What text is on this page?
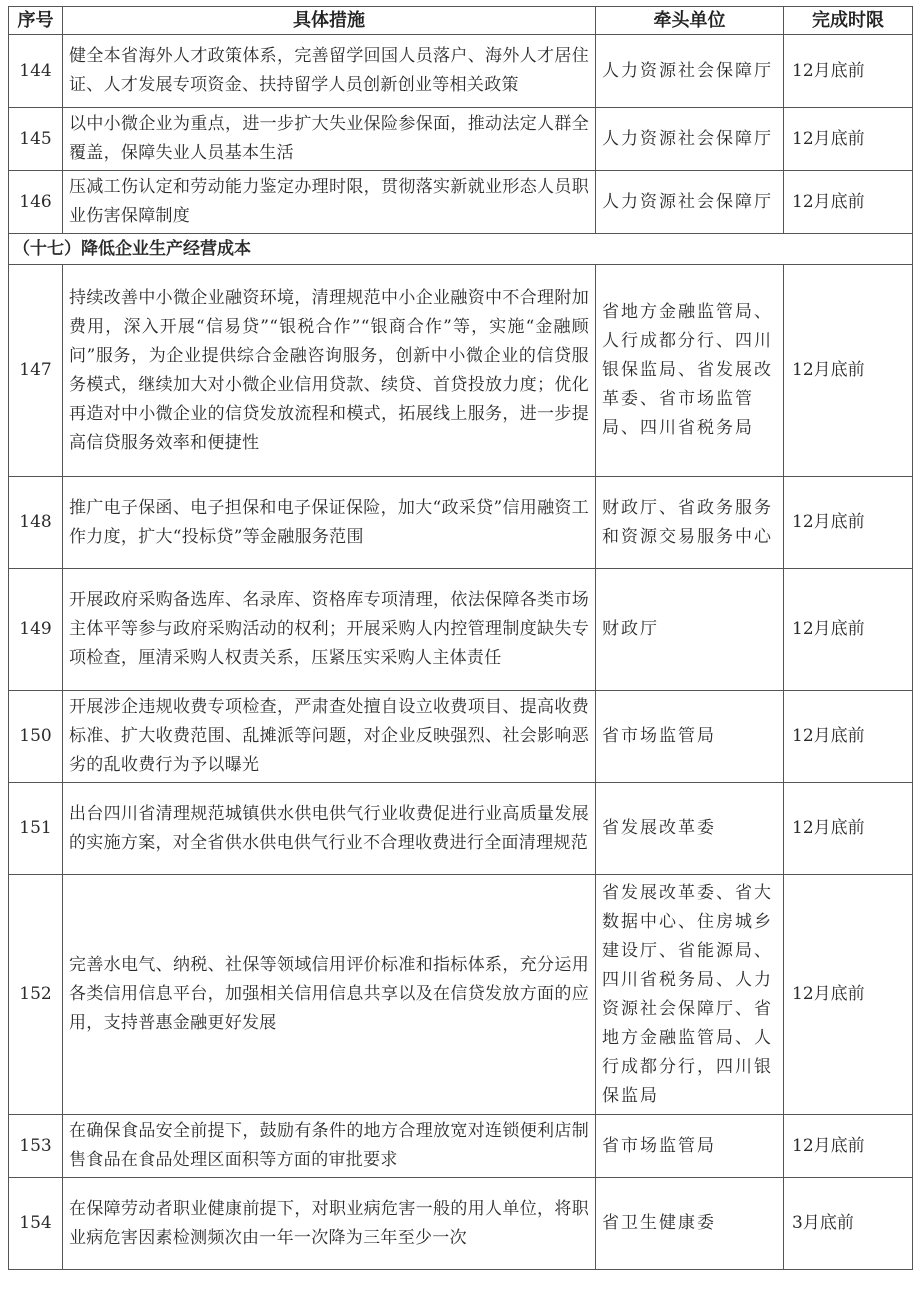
序号	具体措施	牵头单位	完成时限
144	健全本省海外人才政策体系，完善留学回国人员落户、海外人才居住证、人才发展专项资金、扶持留学人员创新创业等相关政策	人力资源社会保障厅	12月底前
145	以中小微企业为重点，进一步扩大失业保险参保面，推动法定人群全覆盖，保障失业人员基本生活	人力资源社会保障厅	12月底前
146	压减工伤认定和劳动能力鉴定办理时限，贯彻落实新就业形态人员职业伤害保障制度	人力资源社会保障厅	12月底前
（十七）降低企业生产经营成本			
147	持续改善中小微企业融资环境，清理规范中小企业融资中不合理附加费用，深入开展“信易贷”“银税合作”“银商合作”等，实施“金融顾问”服务，为企业提供综合金融咨询服务，创新中小微企业的信贷服务模式，继续加大对小微企业信用贷款、续贷、首贷投放力度；优化再造对中小微企业的信贷发放流程和模式，拓展线上服务，进一步提高信贷服务效率和便捷性	省地方金融监管局、人行成都分行、四川银保监局、省发展改革委、省市场监管局、四川省税务局	12月底前
148	推广电子保函、电子担保和电子保证保险，加大“政采贷”信用融资工作力度，扩大“投标贷”等金融服务范围	财政厅、省政务服务和资源交易服务中心	12月底前
149	开展政府采购备选库、名录库、资格库专项清理，依法保障各类市场主体平等参与政府采购活动的权利；开展采购人内控管理制度缺失专项检查，厘清采购人权责关系，压紧压实采购人主体责任	财政厅	12月底前
150	开展涉企违规收费专项检查，严肃查处擅自设立收费项目、提高收费标准、扩大收费范围、乱摊派等问题，对企业反映强烈、社会影响恶劣的乱收费行为予以曝光	省市场监管局	12月底前
151	出台四川省清理规范城镇供水供电供气行业收费促进行业高质量发展的实施方案，对全省供水供电供气行业不合理收费进行全面清理规范	省发展改革委	12月底前
152	完善水电气、纳税、社保等领域信用评价标准和指标体系，充分运用各类信用信息平台，加强相关信用信息共享以及在信贷发放方面的应用，支持普惠金融更好发展	省发展改革委、省大数据中心、住房城乡建设厅、省能源局、四川省税务局、人力资源社会保障厅、省地方金融监管局、人行成都分行，四川银保监局	12月底前
153	在确保食品安全前提下，鼓励有条件的地方合理放宽对连锁便利店制售食品在食品处理区面积等方面的审批要求	省市场监管局	12月底前
154	在保障劳动者职业健康前提下，对职业病危害一般的用人单位，将职业病危害因素检测频次由一年一次降为三年至少一次	省卫生健康委	3月底前
